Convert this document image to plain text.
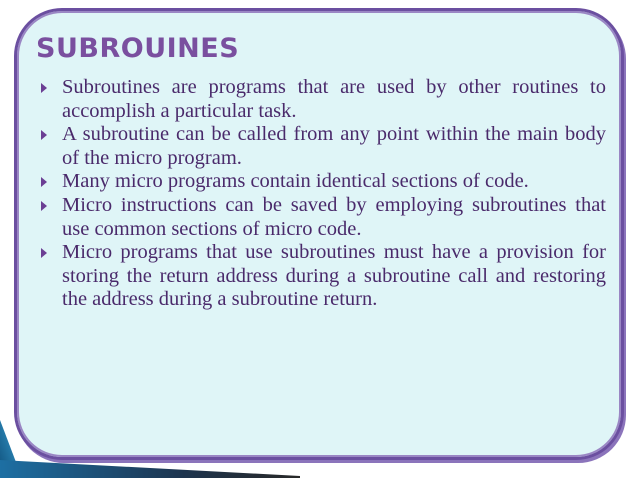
SUBROUINES
Subroutines are programs that are used by other routines to accomplish a particular task.
A subroutine can be called from any point within the main body of the micro program.
Many micro programs contain identical sections of code.
Micro instructions can be saved by employing subroutines that use common sections of micro code.
Micro programs that use subroutines must have a provision for storing the return address during a subroutine call and restoring the address during a subroutine return.
